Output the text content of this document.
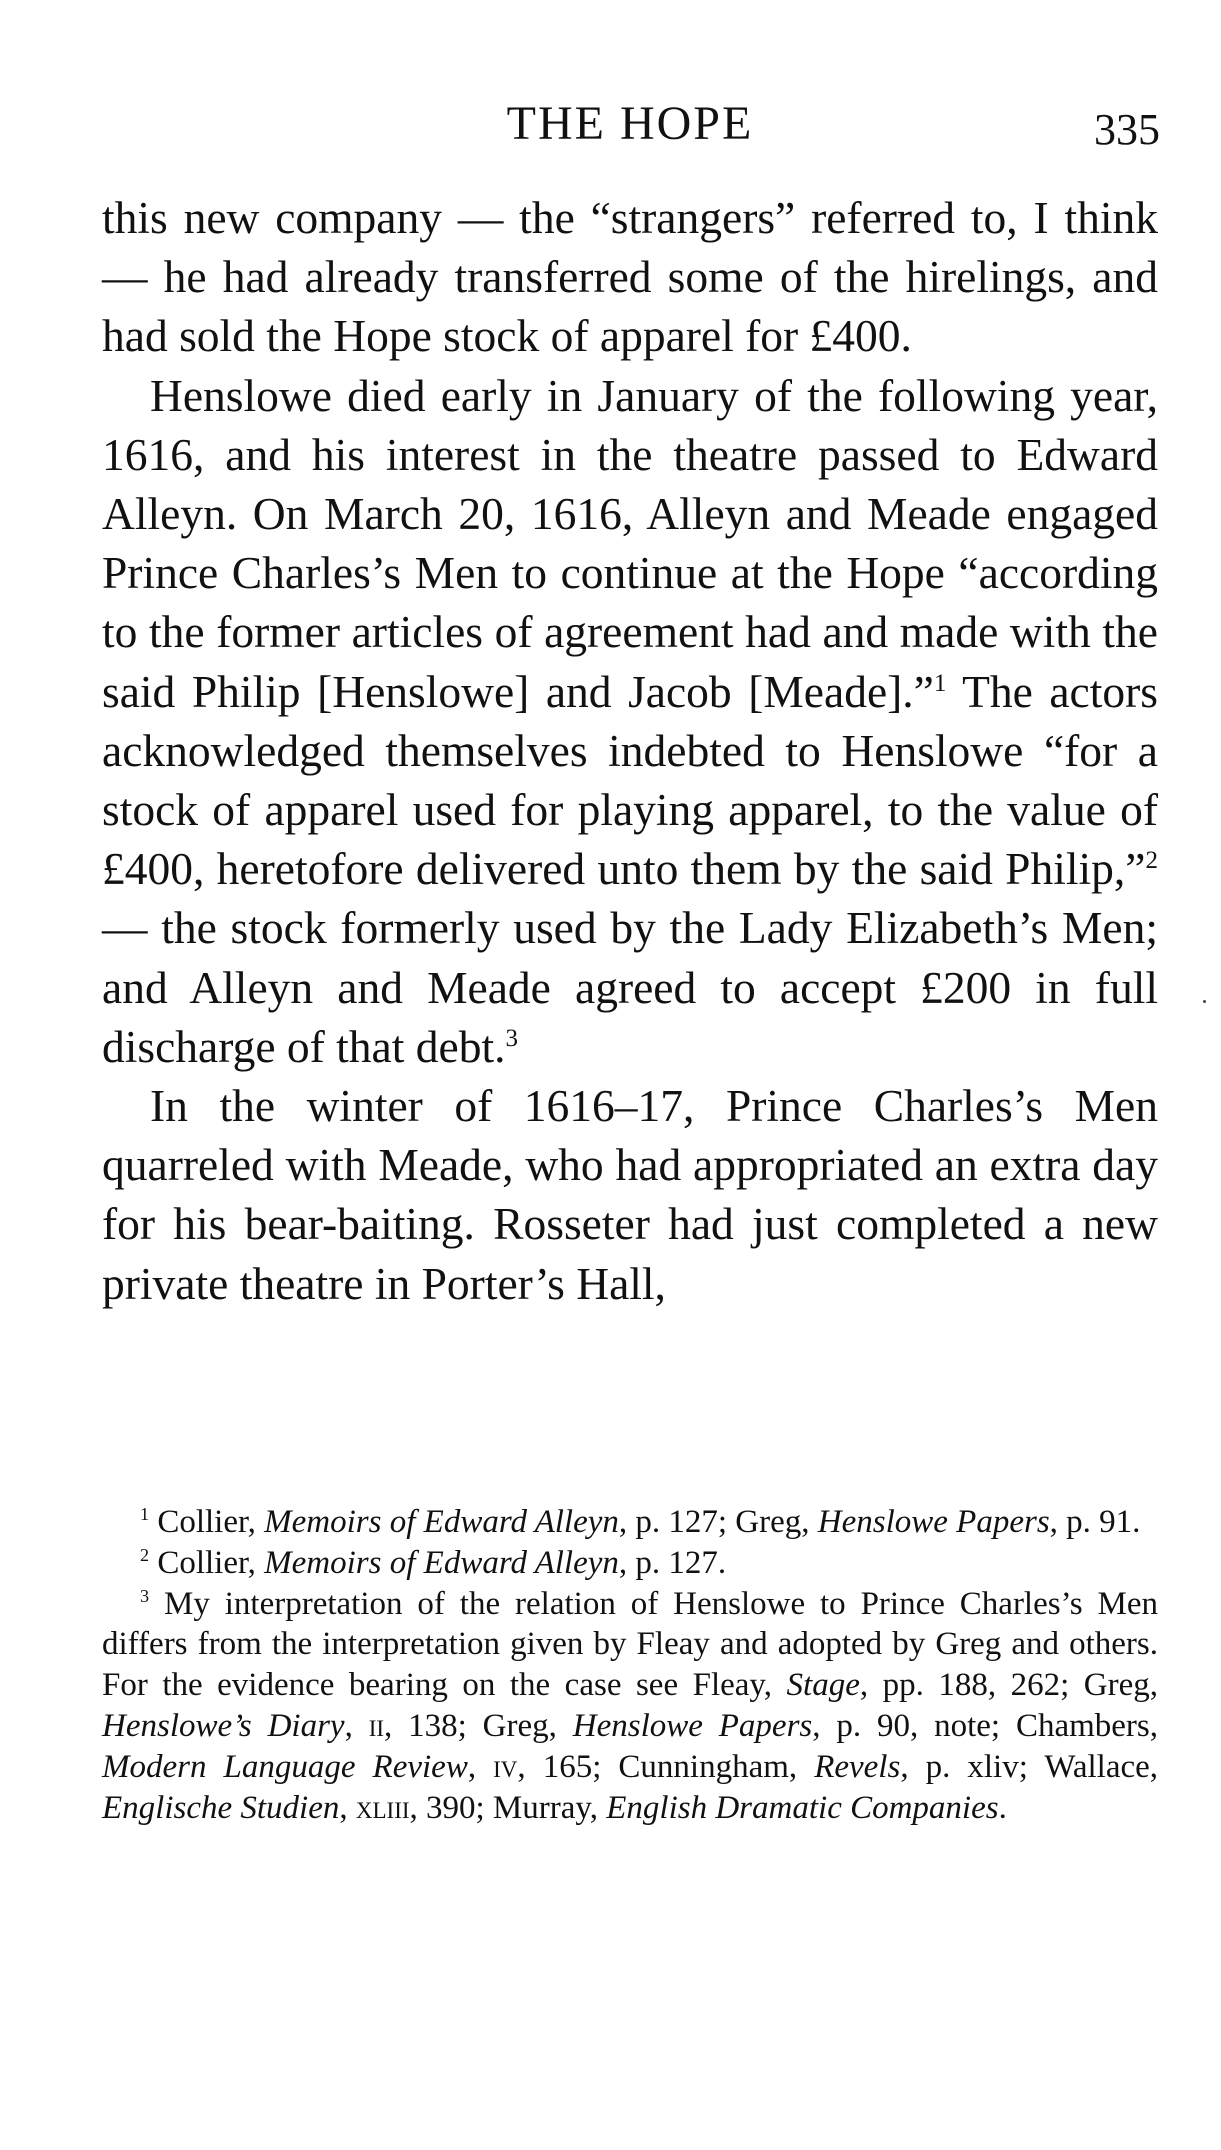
THE HOPE	335

this new company — the “strangers” referred to, I think — he had already transferred some of the hirelings, and had sold the Hope stock of apparel for £400.

Henslowe died early in January of the following year, 1616, and his interest in the theatre passed to Edward Alleyn. On March 20, 1616, Alleyn and Meade engaged Prince Charles’s Men to continue at the Hope “according to the former articles of agreement had and made with the said Philip [Henslowe] and Jacob [Meade].”$^1$ The actors acknowledged themselves indebted to Henslowe “for a stock of apparel used for playing apparel, to the value of £400, heretofore delivered unto them by the said Philip,”$^2$ — the stock formerly used by the Lady Elizabeth’s Men; and Alleyn and Meade agreed to accept £200 in full discharge of that debt.$^3$

In the winter of 1616–17, Prince Charles’s Men quarreled with Meade, who had appropriated an extra day for his bear-baiting. Rosseter had just completed a new private theatre in Porter’s Hall,

$^1$ Collier, Memoirs of Edward Alleyn, p. 127; Greg, Henslowe Papers, p. 91.

$^2$ Collier, Memoirs of Edward Alleyn, p. 127.

$^3$ My interpretation of the relation of Henslowe to Prince Charles’s Men differs from the interpretation given by Fleay and adopted by Greg and others. For the evidence bearing on the case see Fleay, Stage, pp. 188, 262; Greg, Henslowe’s Diary, ii, 138; Greg, Henslowe Papers, p. 90, note; Chambers, Modern Language Review, iv, 165; Cunningham, Revels, p. xliv; Wallace, Englische Studien, xliii, 390; Murray, English Dramatic Companies.
